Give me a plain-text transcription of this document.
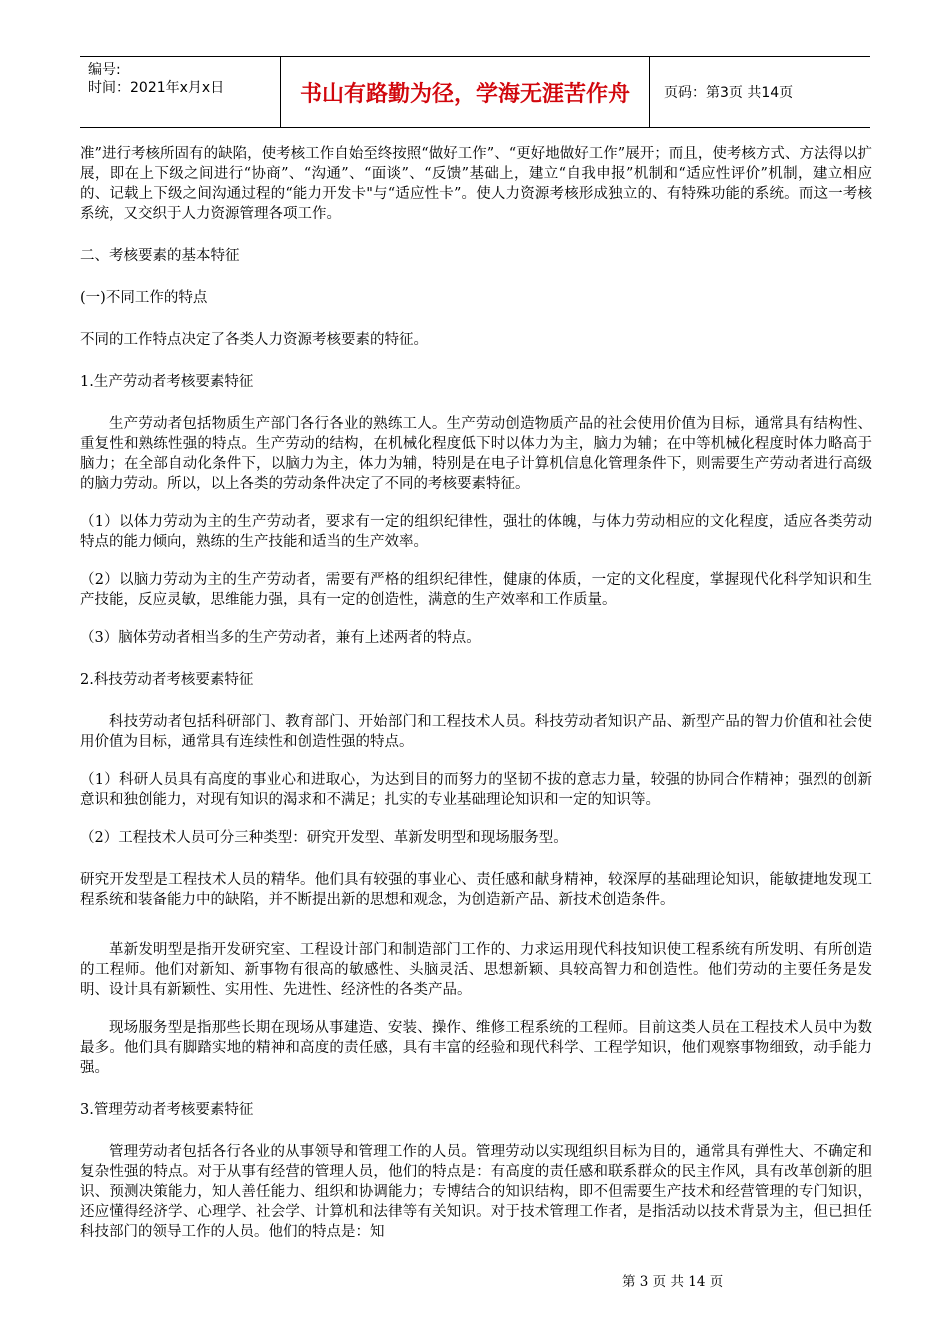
编号:
时间：2021年x月x日	书山有路勤为径，学海无涯苦作舟	页码：第3页 共14页

准”进行考核所固有的缺陷，使考核工作自始至终按照“做好工作”、“更好地做好工作”展开；而且，使考核方式、方法得以扩展，即在上下级之间进行“协商”、“沟通”、“面谈”、“反馈”基础上，建立“自我申报”机制和“适应性评价”机制，建立相应的、记载上下级之间沟通过程的“能力开发卡"与“适应性卡”。使人力资源考核形成独立的、有特殊功能的系统。而这一考核系统，又交织于人力资源管理各项工作。

二、考核要素的基本特征

(一)不同工作的特点

不同的工作特点决定了各类人力资源考核要素的特征。

1.生产劳动者考核要素特征

生产劳动者包括物质生产部门各行各业的熟练工人。生产劳动创造物质产品的社会使用价值为目标，通常具有结构性、重复性和熟练性强的特点。生产劳动的结构，在机械化程度低下时以体力为主，脑力为辅；在中等机械化程度时体力略高于脑力；在全部自动化条件下，以脑力为主，体力为辅，特别是在电子计算机信息化管理条件下，则需要生产劳动者进行高级的脑力劳动。所以，以上各类的劳动条件决定了不同的考核要素特征。

（1）以体力劳动为主的生产劳动者，要求有一定的组织纪律性，强壮的体魄，与体力劳动相应的文化程度，适应各类劳动特点的能力倾向，熟练的生产技能和适当的生产效率。

（2）以脑力劳动为主的生产劳动者，需要有严格的组织纪律性，健康的体质，一定的文化程度，掌握现代化科学知识和生产技能，反应灵敏，思维能力强，具有一定的创造性，满意的生产效率和工作质量。

（3）脑体劳动者相当多的生产劳动者，兼有上述两者的特点。

2.科技劳动者考核要素特征

科技劳动者包括科研部门、教育部门、开始部门和工程技术人员。科技劳动者知识产品、新型产品的智力价值和社会使用价值为目标，通常具有连续性和创造性强的特点。

（1）科研人员具有高度的事业心和进取心，为达到目的而努力的坚韧不拔的意志力量，较强的协同合作精神；强烈的创新意识和独创能力，对现有知识的渴求和不满足；扎实的专业基础理论知识和一定的知识等。

（2）工程技术人员可分三种类型：研究开发型、革新发明型和现场服务型。

研究开发型是工程技术人员的精华。他们具有较强的事业心、责任感和献身精神，较深厚的基础理论知识，能敏捷地发现工程系统和装备能力中的缺陷，并不断提出新的思想和观念，为创造新产品、新技术创造条件。

革新发明型是指开发研究室、工程设计部门和制造部门工作的、力求运用现代科技知识使工程系统有所发明、有所创造的工程师。他们对新知、新事物有很高的敏感性、头脑灵活、思想新颖、具较高智力和创造性。他们劳动的主要任务是发明、设计具有新颖性、实用性、先进性、经济性的各类产品。

现场服务型是指那些长期在现场从事建造、安装、操作、维修工程系统的工程师。目前这类人员在工程技术人员中为数最多。他们具有脚踏实地的精神和高度的责任感，具有丰富的经验和现代科学、工程学知识，他们观察事物细致，动手能力强。

3.管理劳动者考核要素特征

管理劳动者包括各行各业的从事领导和管理工作的人员。管理劳动以实现组织目标为目的，通常具有弹性大、不确定和复杂性强的特点。对于从事有经营的管理人员，他们的特点是：有高度的责任感和联系群众的民主作风，具有改革创新的胆识、预测决策能力，知人善任能力、组织和协调能力；专博结合的知识结构，即不但需要生产技术和经营管理的专门知识，还应懂得经济学、心理学、社会学、计算机和法律等有关知识。对于技术管理工作者，是指活动以技术背景为主，但已担任科技部门的领导工作的人员。他们的特点是：知

第 3 页 共 14 页
